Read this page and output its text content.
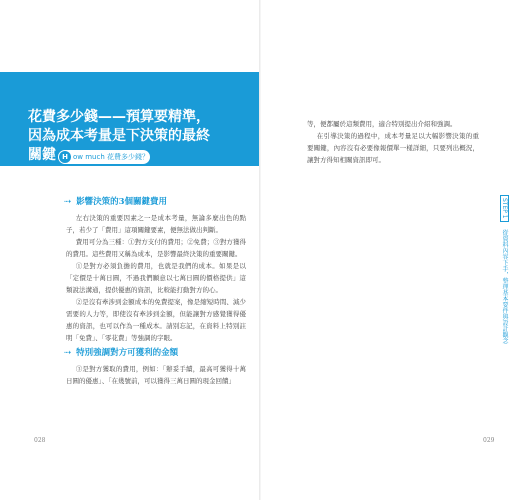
花費多少錢——預算要精準，因為成本考量是下決策的最終關鍵 H ow much 花費多少錢？
⇢ 影響決策的3個關鍵費用

左右決策的重要因素之一是成本考量，無論多麼出色的點子，若少了「費用」這項關鍵要素，便無法做出判斷。

費用可分為三種：①對方支付的費用；②免費；③對方獲得的費用。這些費用又稱為成本，是影響最終決策的重要關鍵。

①是對方必須負擔的費用，也就是我們的成本。如果是以「定價是十萬日圓，不過我們願意以七萬日圓的價格提供」這類說法溝通，提供優惠的資訊，比較能打動對方的心。

②是沒有牽涉到金額成本的免費提案，像是縮短時間、減少需要的人力等，即使沒有牽涉到金額，但能讓對方感覺獲得優惠的資訊，也可以作為一種成本。請別忘記，在資料上特別註明「免費」、「零花費」等強調的字眼。

⇢ 特別強調對方可獲利的金額

③是對方獲取的費用，例如：「辦妥手續，最高可獲得十萬日圓的優惠」、「在幾號前，可以獲得三萬日圓的現金回饋」

028

等，便都屬於這類費用，適合特別提出介紹和強調。

在引導決策的過程中，成本考量足以大幅影響決策的重要關鍵，內容沒有必要像報價單一樣詳細，只要列出概況，讓對方得知相關資訊即可。

029
STEP 1 從資料內容下手，整理基本要件與設計觀念
